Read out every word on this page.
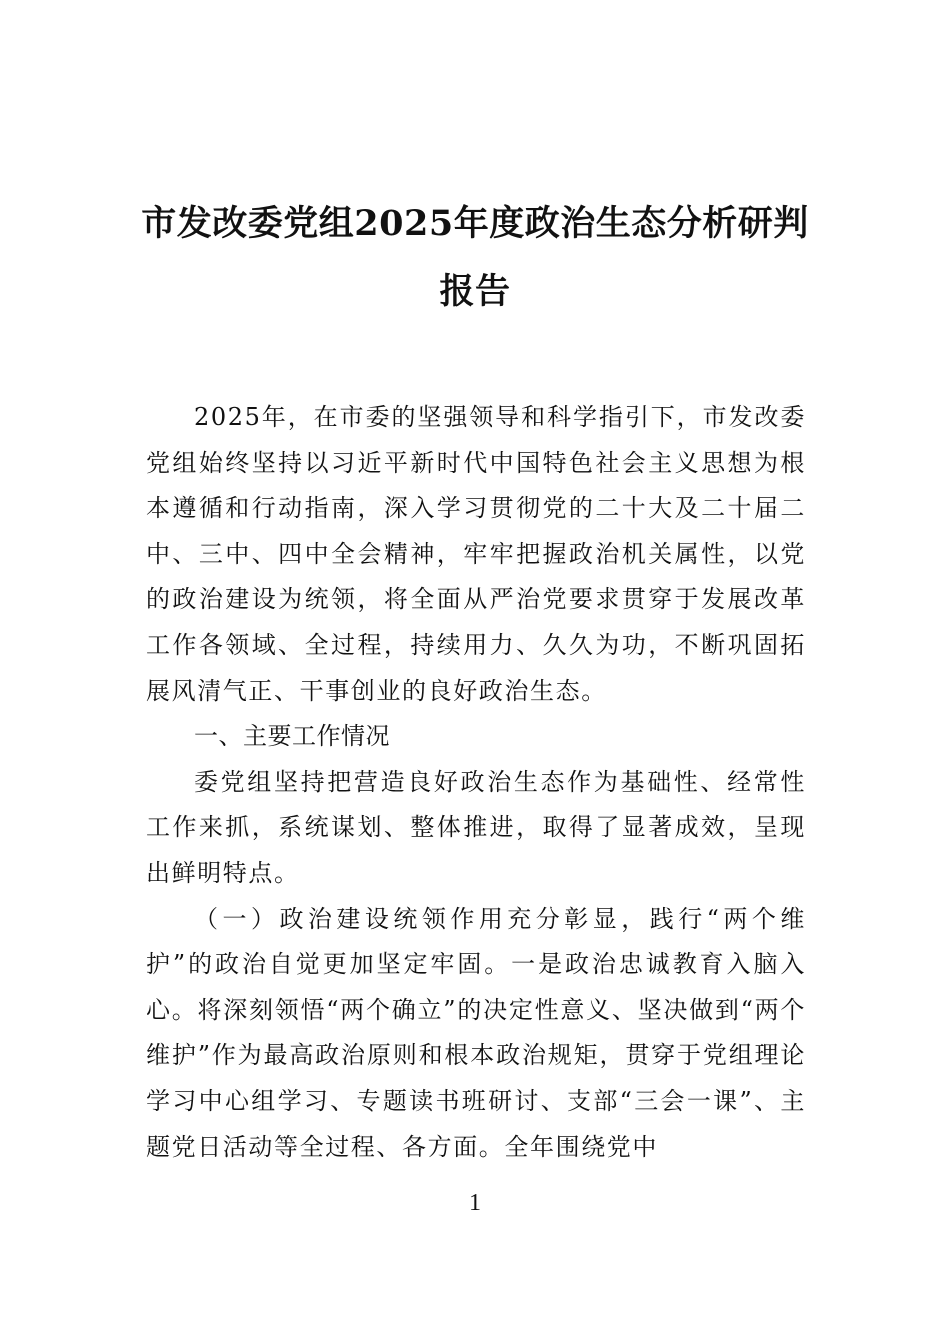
市发改委党组2025年度政治生态分析研判
报告

2025年，在市委的坚强领导和科学指引下，市发改委党组始终坚持以习近平新时代中国特色社会主义思想为根本遵循和行动指南，深入学习贯彻党的二十大及二十届二中、三中、四中全会精神，牢牢把握政治机关属性，以党的政治建设为统领，将全面从严治党要求贯穿于发展改革工作各领域、全过程，持续用力、久久为功，不断巩固拓展风清气正、干事创业的良好政治生态。

一、主要工作情况

委党组坚持把营造良好政治生态作为基础性、经常性工作来抓，系统谋划、整体推进，取得了显著成效，呈现出鲜明特点。

（一）政治建设统领作用充分彰显，践行“两个维护”的政治自觉更加坚定牢固。一是政治忠诚教育入脑入心。将深刻领悟“两个确立”的决定性意义、坚决做到“两个维护”作为最高政治原则和根本政治规矩，贯穿于党组理论学习中心组学习、专题读书班研讨、支部“三会一课”、主题党日活动等全过程、各方面。全年围绕党中

1
